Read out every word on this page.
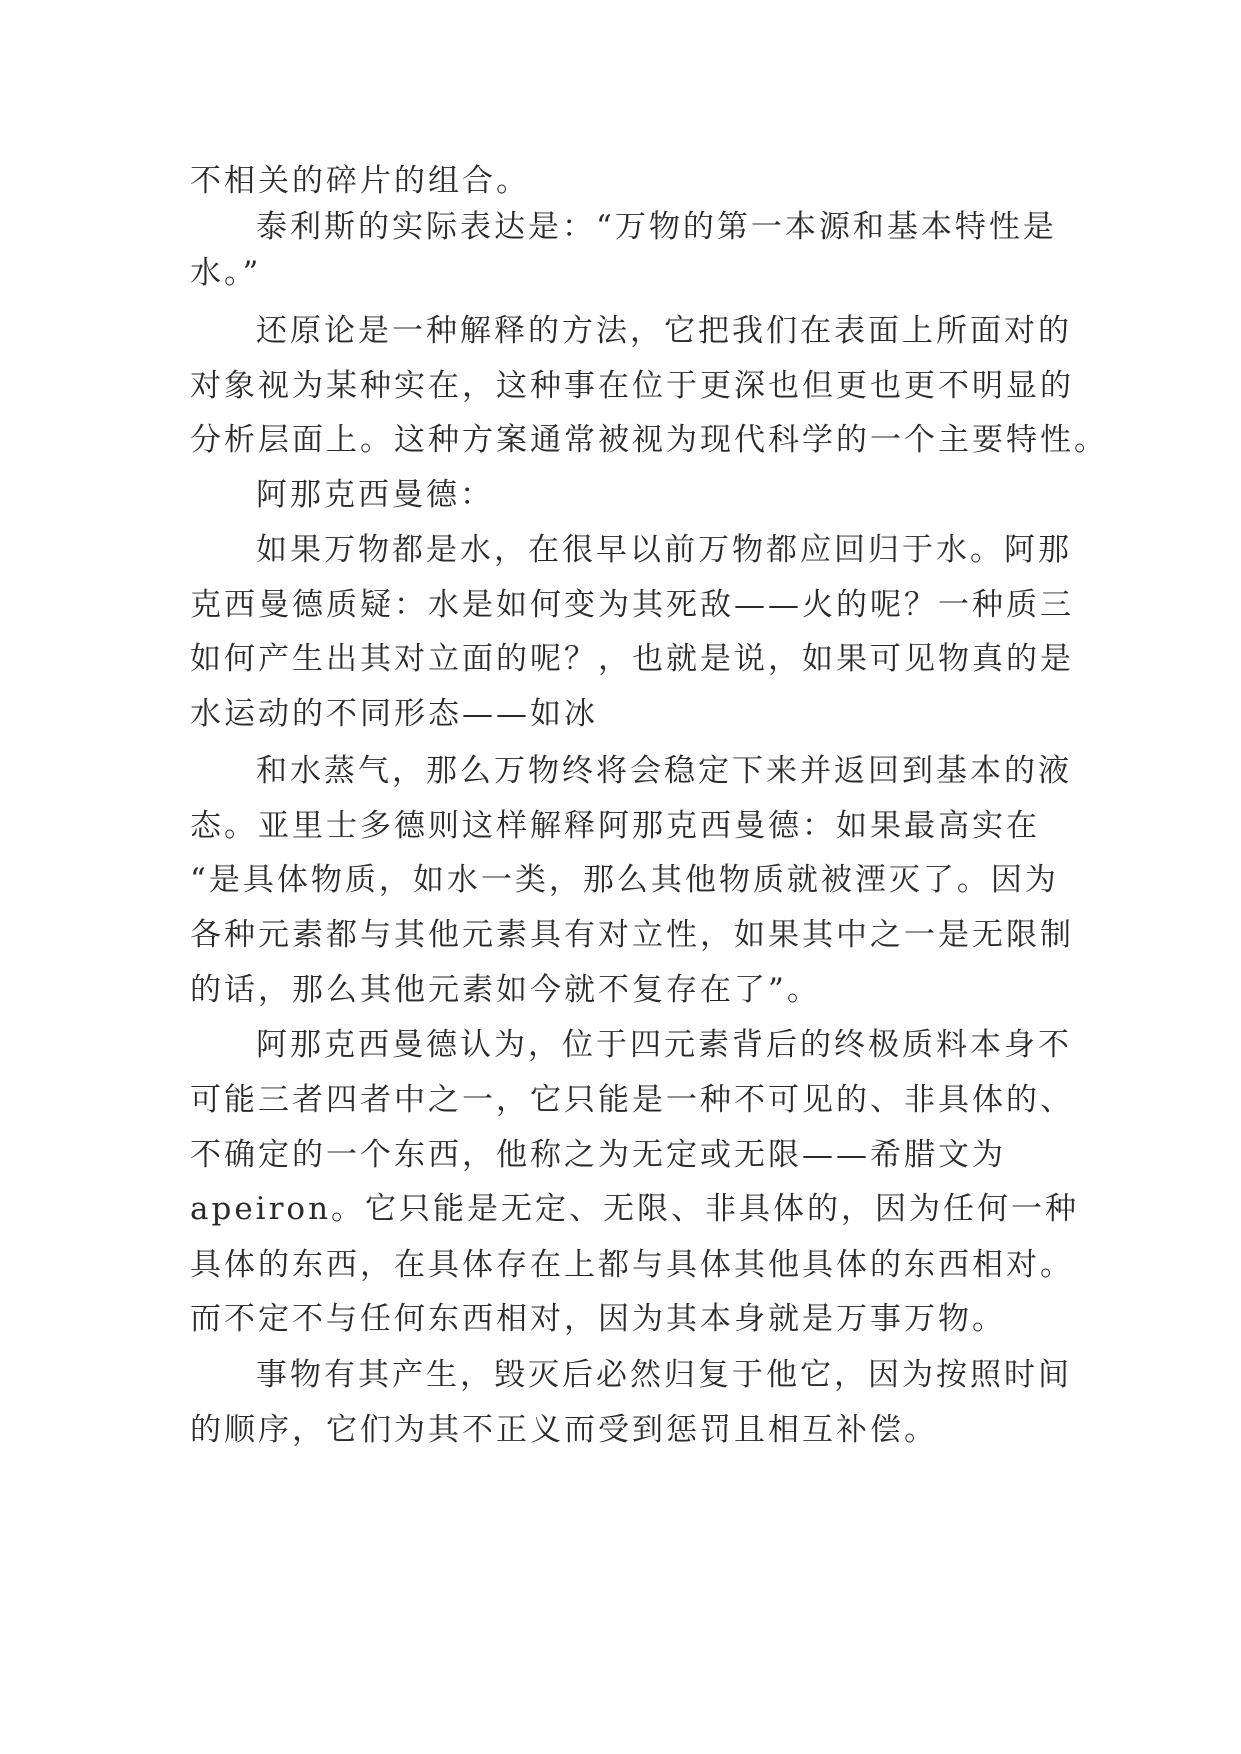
不相关的碎片的组合。
泰利斯的实际表达是：“万物的第一本源和基本特性是
水。”
还原论是一种解释的方法，它把我们在表面上所面对的
对象视为某种实在，这种事在位于更深也但更也更不明显的
分析层面上。这种方案通常被视为现代科学的一个主要特性。
阿那克西曼德：
如果万物都是水，在很早以前万物都应回归于水。阿那
克西曼德质疑：水是如何变为其死敌——火的呢？一种质三
如何产生出其对立面的呢？，也就是说，如果可见物真的是
水运动的不同形态——如冰
和水蒸气，那么万物终将会稳定下来并返回到基本的液
态。亚里士多德则这样解释阿那克西曼德：如果最高实在
“是具体物质，如水一类，那么其他物质就被湮灭了。因为
各种元素都与其他元素具有对立性，如果其中之一是无限制
的话，那么其他元素如今就不复存在了”。
阿那克西曼德认为，位于四元素背后的终极质料本身不
可能三者四者中之一，它只能是一种不可见的、非具体的、
不确定的一个东西，他称之为无定或无限——希腊文为
apeiron。它只能是无定、无限、非具体的，因为任何一种
具体的东西，在具体存在上都与具体其他具体的东西相对。
而不定不与任何东西相对，因为其本身就是万事万物。
事物有其产生，毁灭后必然归复于他它，因为按照时间
的顺序，它们为其不正义而受到惩罚且相互补偿。
